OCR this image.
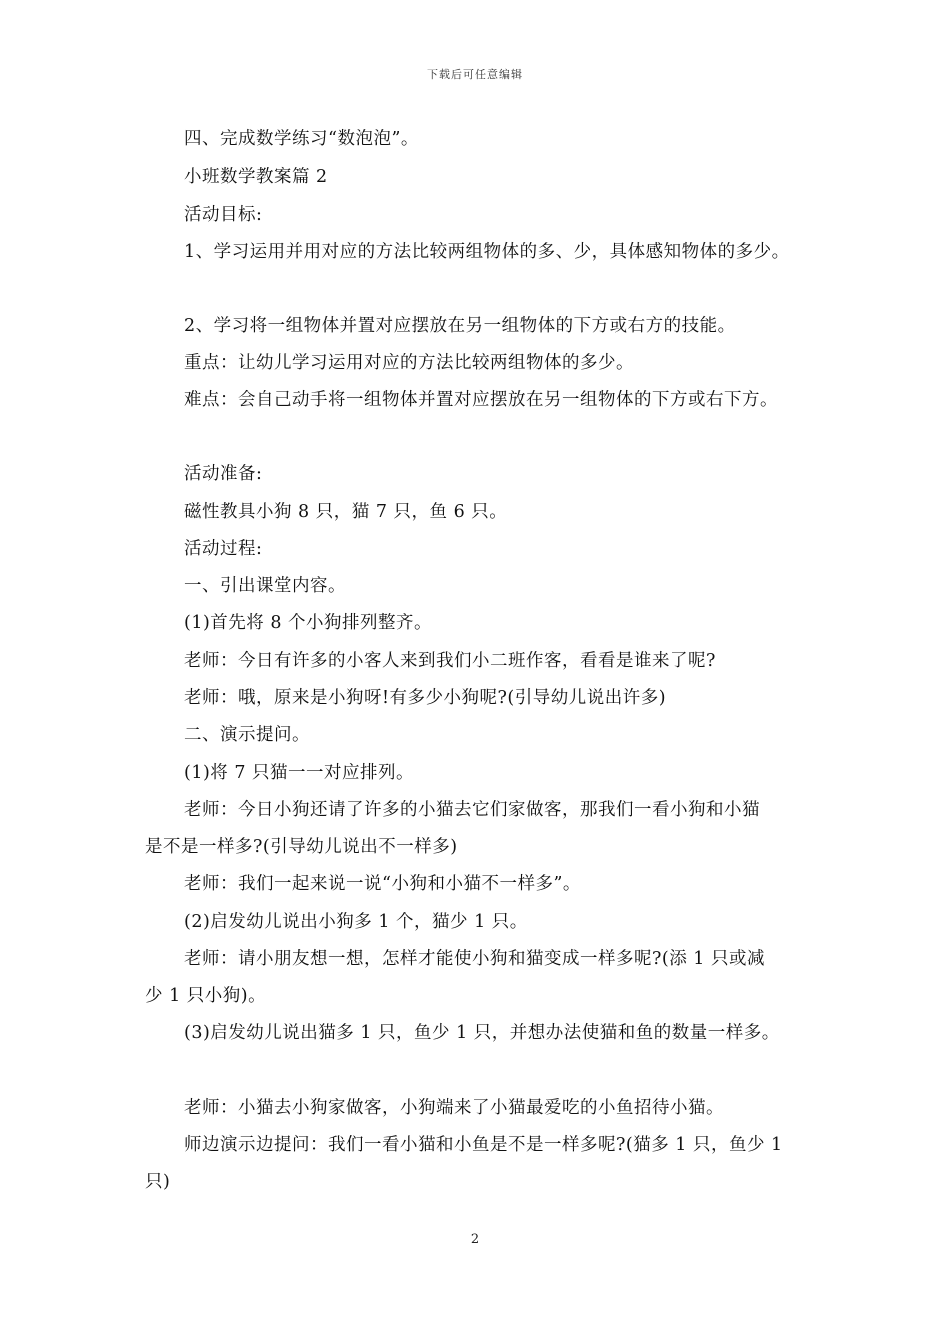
下载后可任意编辑
四、完成数学练习“数泡泡”。
小班数学教案篇 2
活动目标:
1、学习运用并用对应的方法比较两组物体的多、少，具体感知物体的多少。
2、学习将一组物体并置对应摆放在另一组物体的下方或右方的技能。
重点：让幼儿学习运用对应的方法比较两组物体的多少。
难点：会自己动手将一组物体并置对应摆放在另一组物体的下方或右下方。
活动准备:
磁性教具小狗 8 只，猫 7 只，鱼 6 只。
活动过程:
一、引出课堂内容。
(1)首先将 8 个小狗排列整齐。
老师：今日有许多的小客人来到我们小二班作客，看看是谁来了呢?
老师：哦，原来是小狗呀!有多少小狗呢?(引导幼儿说出许多)
二、演示提问。
(1)将 7 只猫一一对应排列。
老师：今日小狗还请了许多的小猫去它们家做客，那我们一看小狗和小猫
是不是一样多?(引导幼儿说出不一样多)
老师：我们一起来说一说“小狗和小猫不一样多”。
(2)启发幼儿说出小狗多 1 个，猫少 1 只。
老师：请小朋友想一想，怎样才能使小狗和猫变成一样多呢?(添 1 只或减
少 1 只小狗)。
(3)启发幼儿说出猫多 1 只，鱼少 1 只，并想办法使猫和鱼的数量一样多。
老师：小猫去小狗家做客，小狗端来了小猫最爱吃的小鱼招待小猫。
师边演示边提问：我们一看小猫和小鱼是不是一样多呢?(猫多 1 只，鱼少 1
只)
2
